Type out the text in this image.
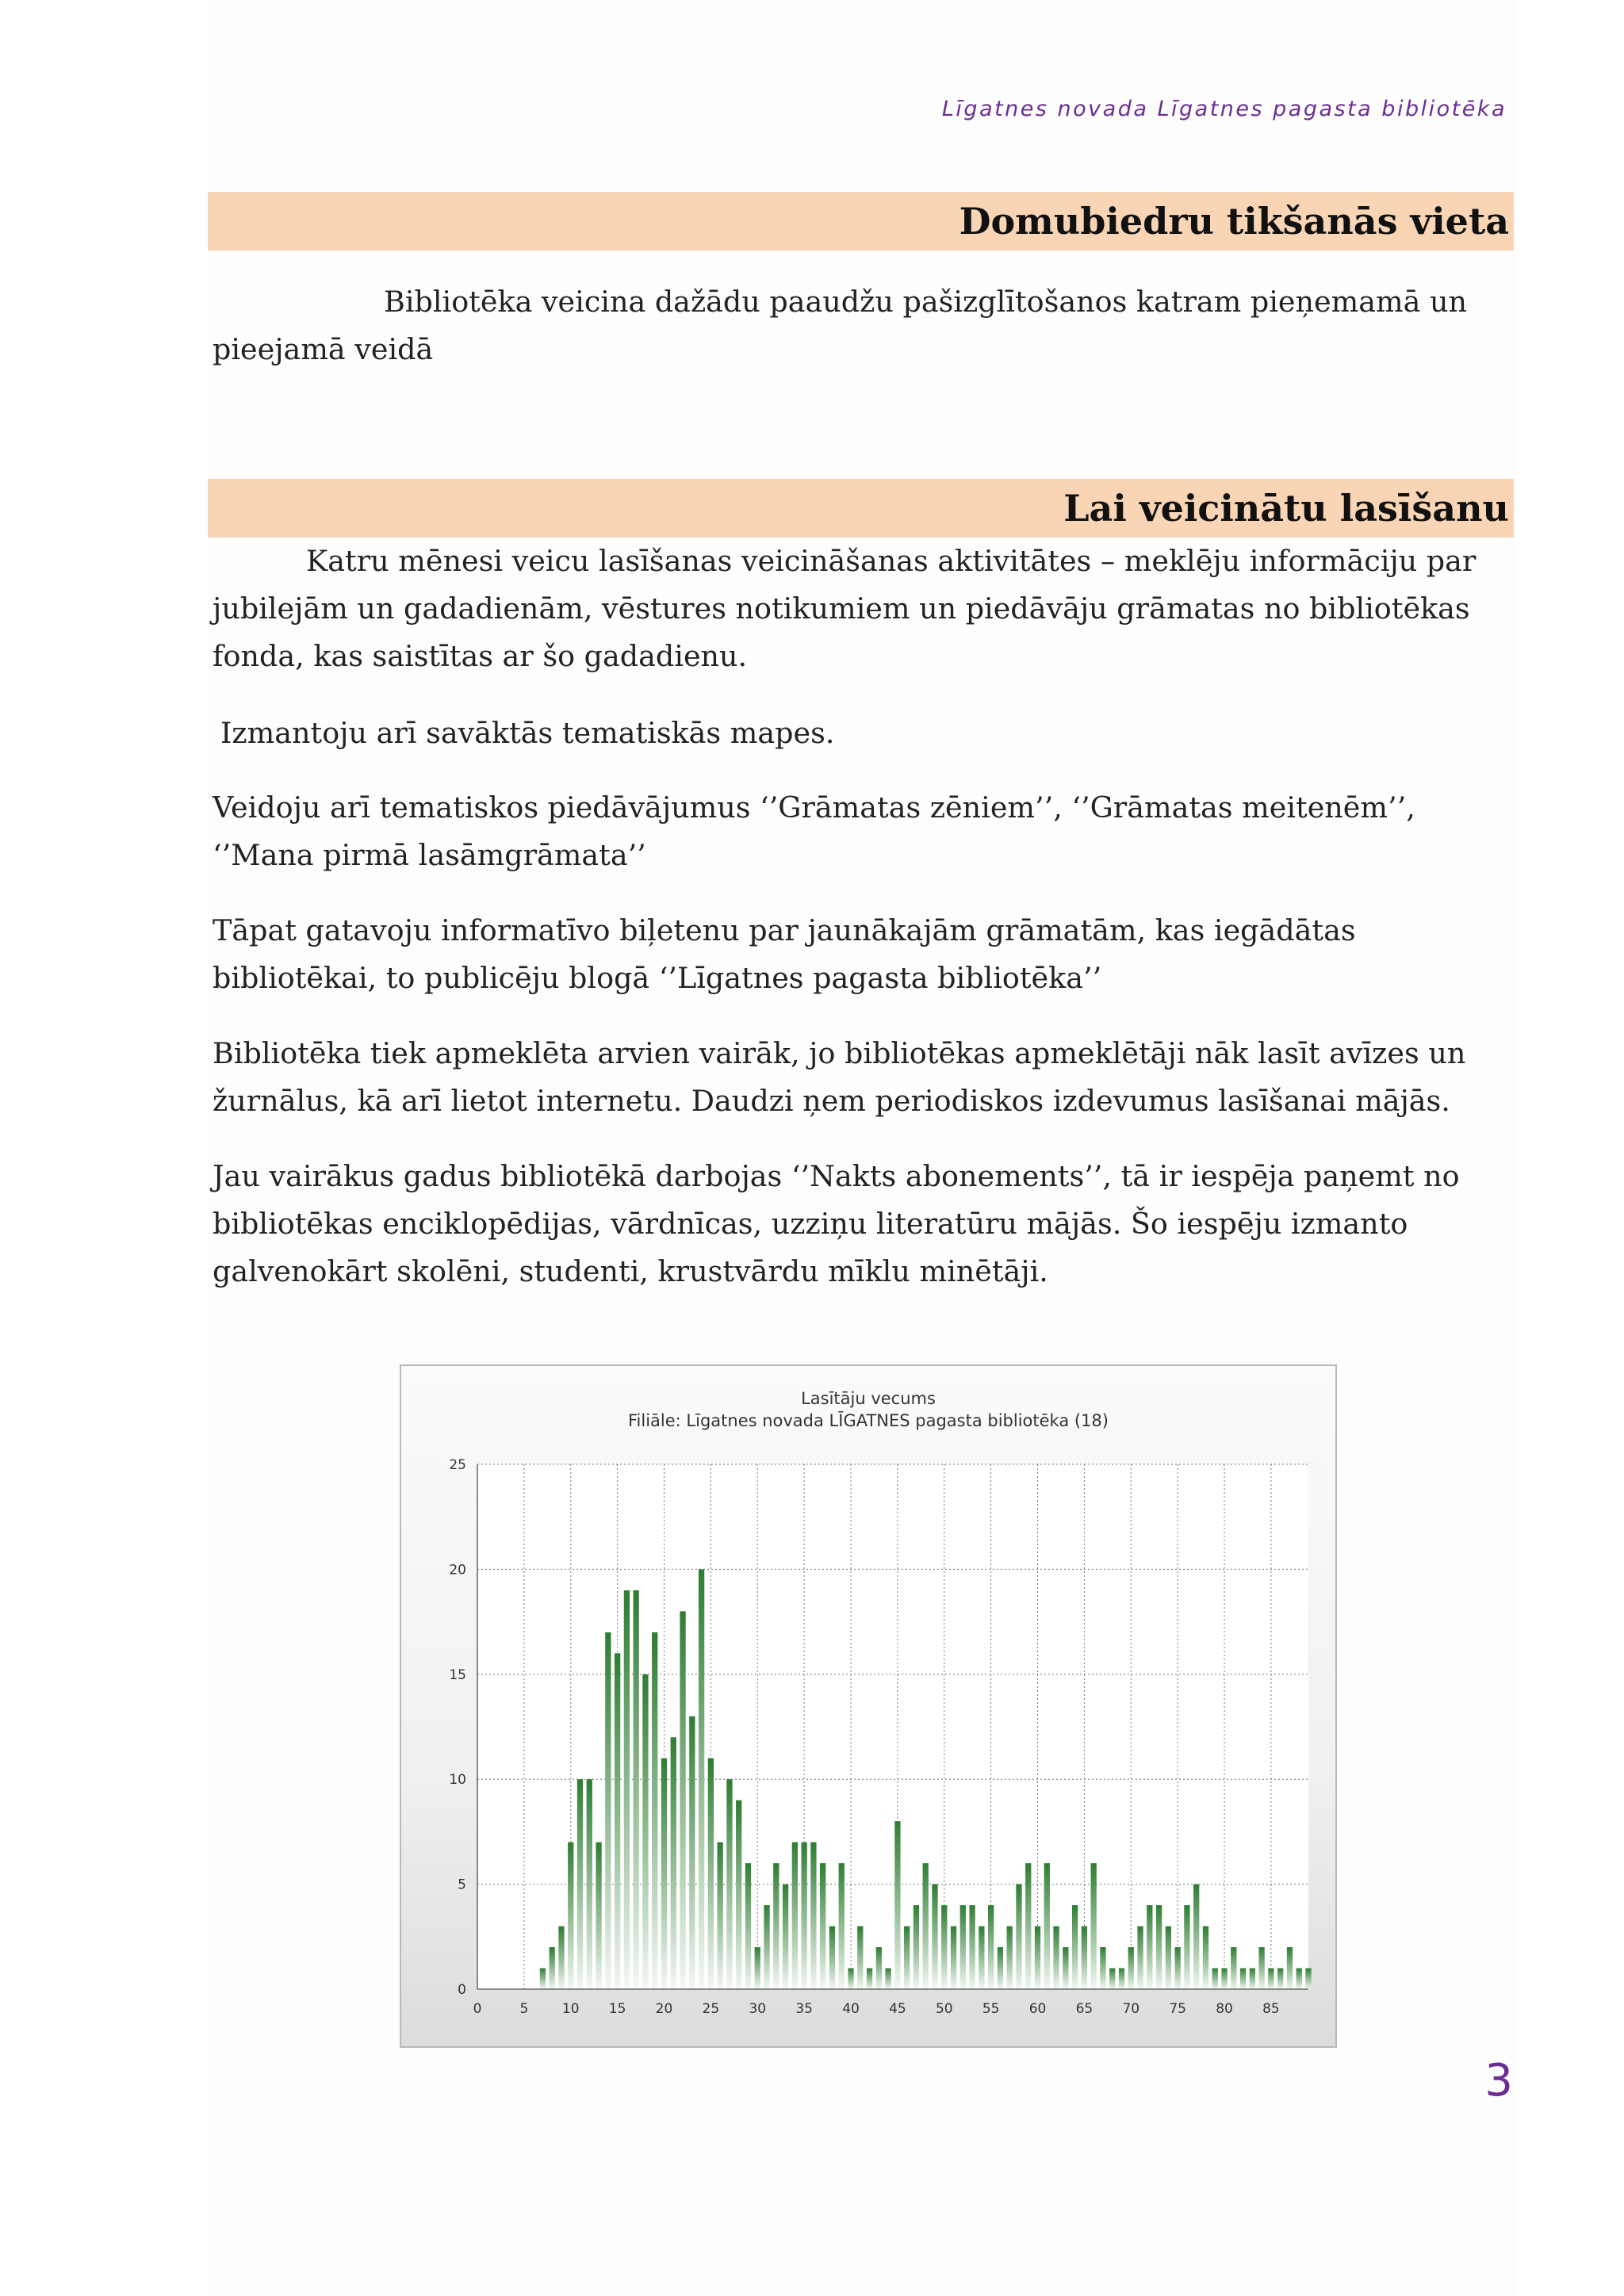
Līgatnes novada Līgatnes pagasta bibliotēka
Domubiedru tikšanās vieta

Bibliotēka veicina dažādu paaudžu pašizglītošanos katram pieņemamā un pieejamā veidā

Lai veicinātu lasīšanu

Katru mēnesi veicu lasīšanas veicināšanas aktivitātes – meklēju informāciju par jubilejām un gadadienām, vēstures notikumiem un piedāvāju grāmatas no bibliotēkas fonda, kas saistītas ar šo gadadienu.

Izmantoju arī savāktās tematiskās mapes.

Veidoju arī tematiskos piedāvājumus ‘’Grāmatas zēniem’’, ‘’Grāmatas meitenēm’’, ‘’Mana pirmā lasāmgrāmata’’

Tāpat gatavoju informatīvo biļetenu par jaunākajām grāmatām, kas iegādātas bibliotēkai, to publicēju blogā ‘’Līgatnes pagasta bibliotēka’’

Bibliotēka tiek apmeklēta arvien vairāk, jo bibliotēkas apmeklētāji nāk lasīt avīzes un žurnālus, kā arī lietot internetu. Daudzi ņem periodiskos izdevumus lasīšanai mājās.

Jau vairākus gadus bibliotēkā darbojas ‘’Nakts abonements’’, tā ir iespēja paņemt no bibliotēkas enciklopēdijas, vārdnīcas, uzziņu literatūru mājās. Šo iespēju izmanto galvenokārt skolēni, studenti, krustvārdu mīklu minētāji.

Lasītāju vecums
Filiāle: Līgatnes novada LĪGATNES pagasta bibliotēka (18)
0
5
10
15
20
25
0	5	10 15 20 25 30 35 40 45 50 55 60 65 70 75 80 85
3
